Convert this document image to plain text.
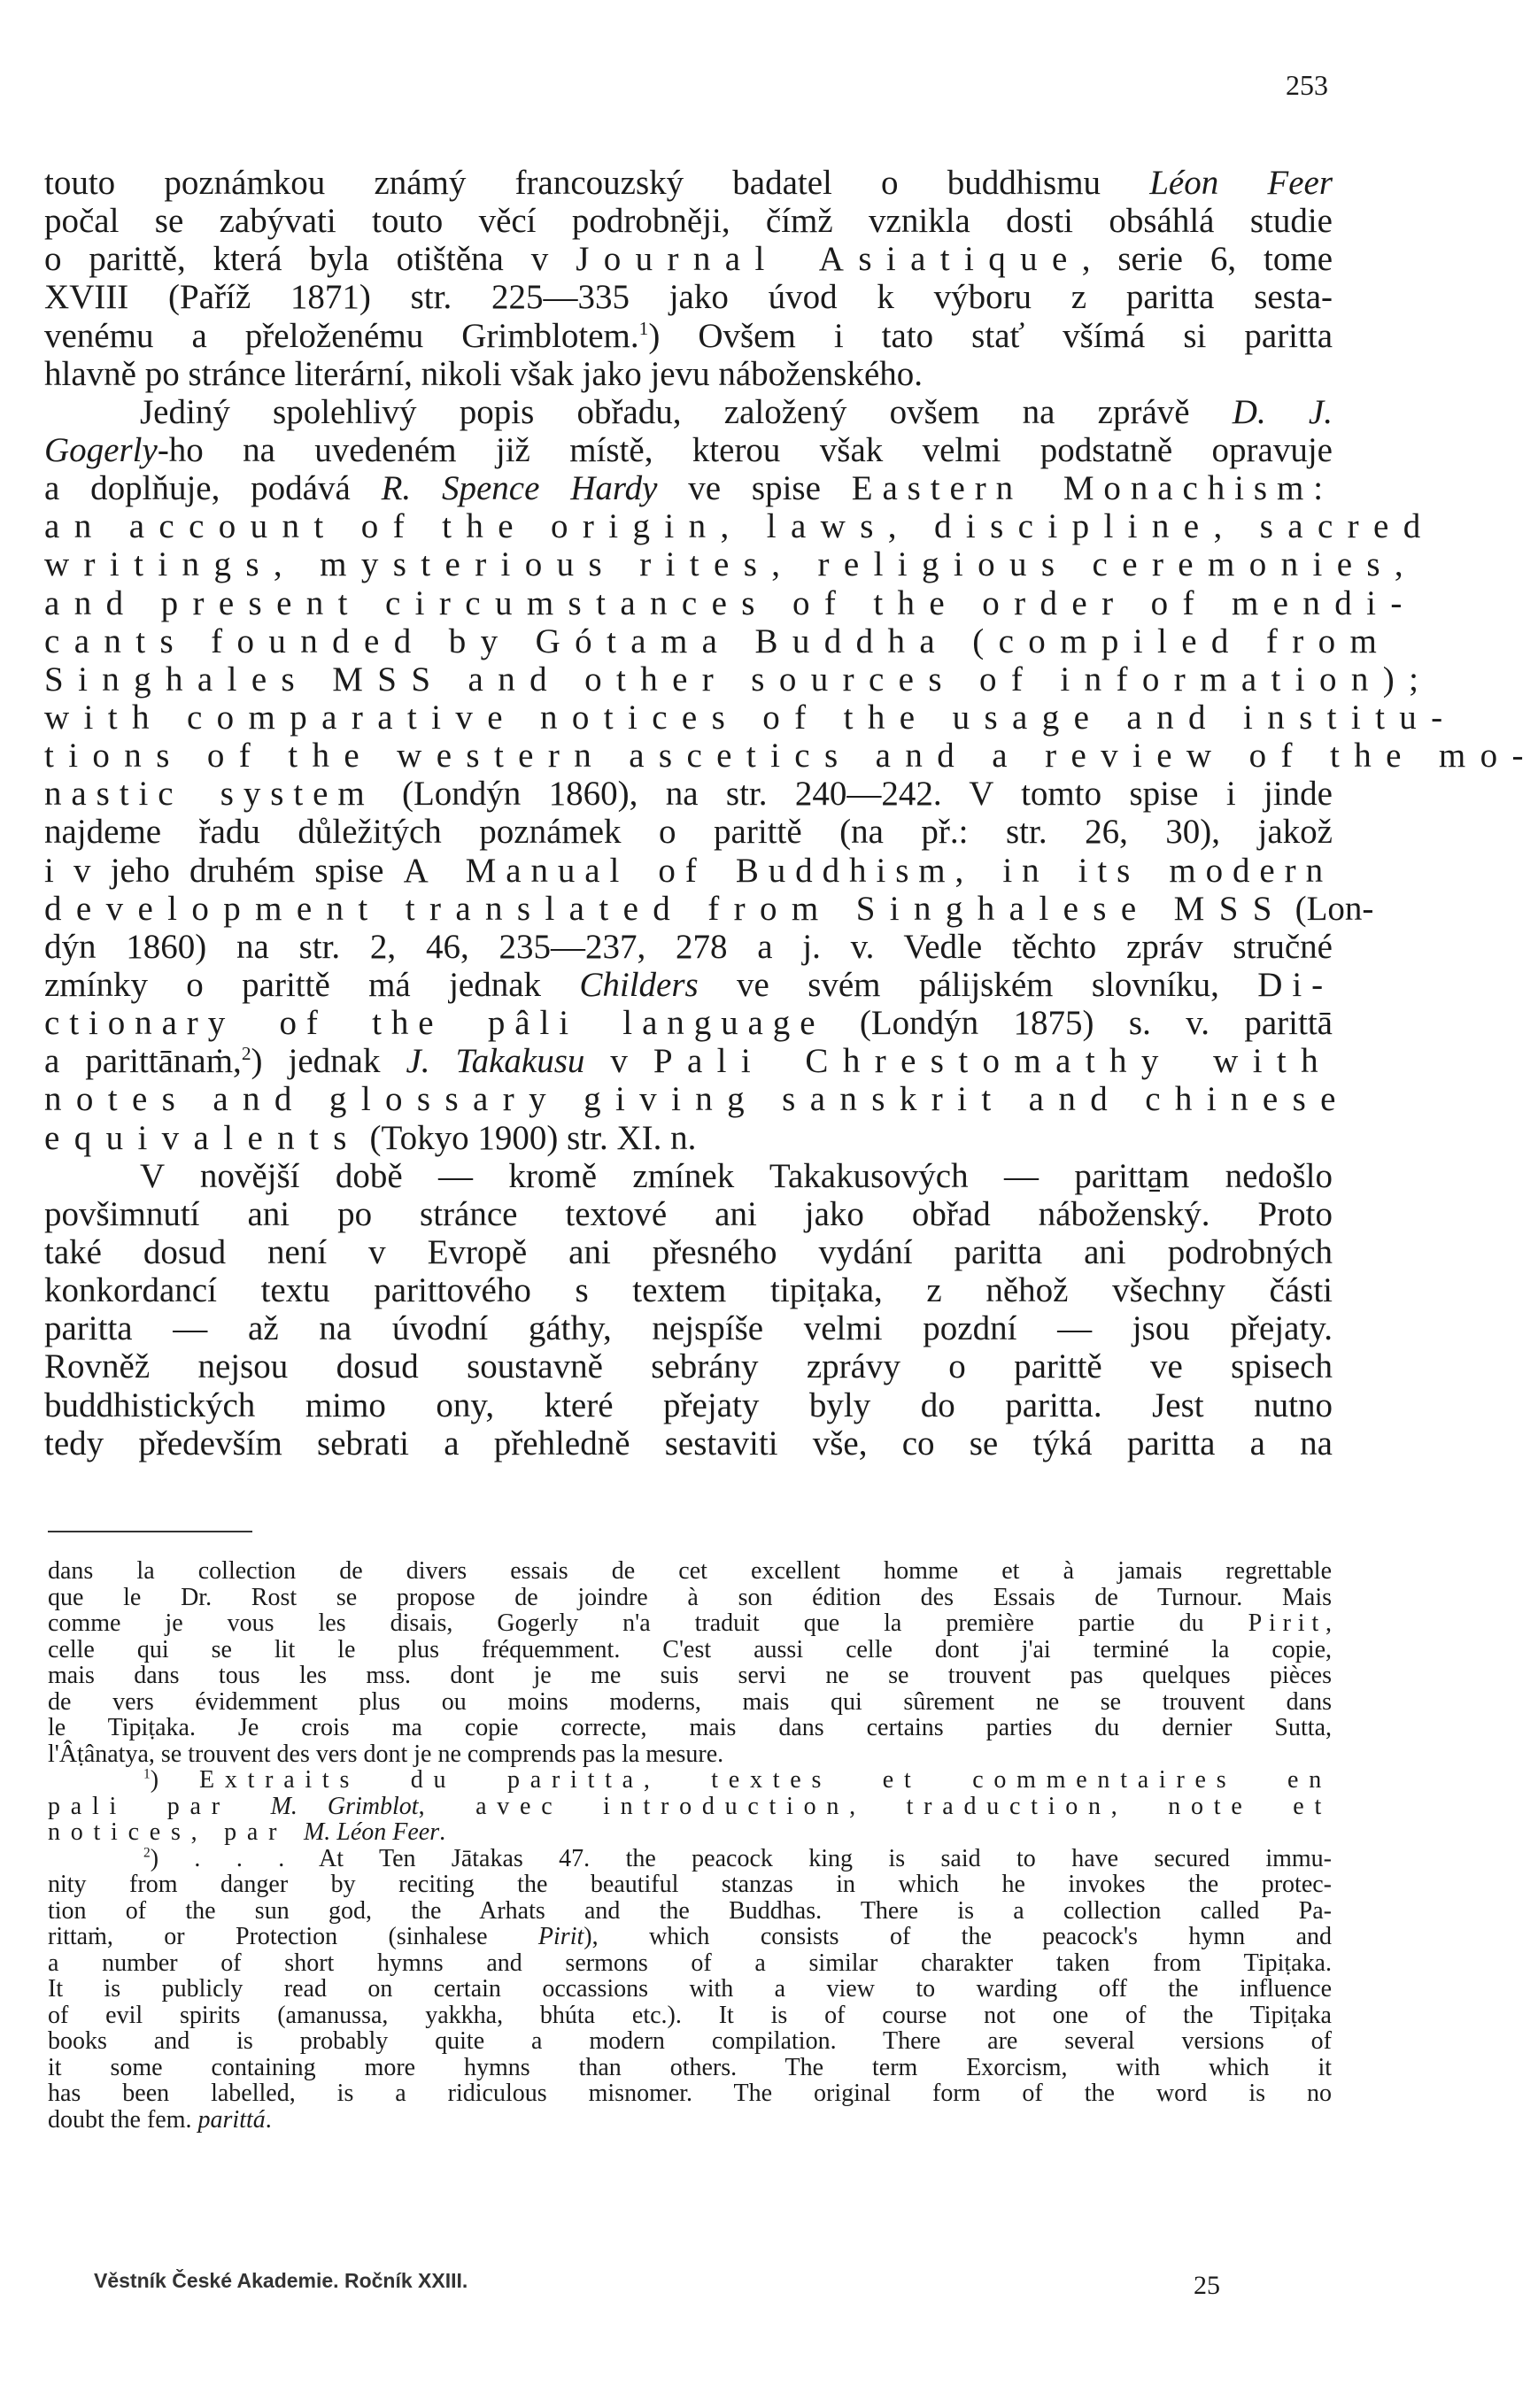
253
touto poznámkou známý francouzský badatel o buddhismu Léon Feer
počal se zabývati touto věcí podrobněji, čímž vznikla dosti obsáhlá studie
o parittě, která byla otištěna v Journal Asiatique, serie 6, tome
XVIII (Paříž 1871) str. 225—335 jako úvod k výboru z paritta sesta-
venému a přeloženému Grimblotem.$^1$) Ovšem i tato stať všímá si paritta
hlavně po stránce literární, nikoli však jako jevu náboženského.
Jediný spolehlivý popis obřadu, založený ovšem na zprávě D. J.
Gogerly-ho na uvedeném již místě, kterou však velmi podstatně opravuje
a doplňuje, podává R. Spence Hardy ve spise Eastern Monachism:
an account of the origin, laws, discipline, sacred
writings, mysterious rites, religious ceremonies,
and present circumstances of the order of mendi-
cants founded by Gótama Buddha (compiled from
Singhales MSS and other sources of information);
with comparative notices of the usage and institu-
tions of the western ascetics and a review of the mo-
nastic system (Londýn 1860), na str. 240—242. V tomto spise i jinde
najdeme řadu důležitých poznámek o parittě (na př.: str. 26, 30), jakož
i v jeho druhém spise A Manual of Buddhism, in its modern
development translated from Singhalese MSS (Lon-
dýn 1860) na str. 2, 46, 235—237, 278 a j. v. Vedle těchto zpráv stručné
zmínky o parittě má jednak Childers ve svém pálijském slovníku, Di-
ctionary of the pâli language (Londýn 1875) s. v. parittā
a parittānaṁ,$^2$) jednak J. Takakusu v Pali Chrestomathy with
notes and glossary giving sanskrit and chinese
equivalents (Tokyo 1900) str. XI. n.
V novější době — kromě zmínek Takakusových — paritta̱m nedošlo
povšimnutí ani po stránce textové ani jako obřad náboženský. Proto
také dosud není v Evropě ani přesného vydání paritta ani podrobných
konkordancí textu parittového s textem tipiṭaka, z něhož všechny části
paritta — až na úvodní gáthy, nejspíše velmi pozdní — jsou přejaty.
Rovněž nejsou dosud soustavně sebrány zprávy o parittě ve spisech
buddhistických mimo ony, které přejaty byly do paritta. Jest nutno
tedy především sebrati a přehledně sestaviti vše, co se týká paritta a na
dans la collection de divers essais de cet excellent homme et à jamais regrettable
que le Dr. Rost se propose de joindre à son édition des Essais de Turnour. Mais
comme je vous les disais, Gogerly n'a traduit que la première partie du Pirit,
celle qui se lit le plus fréquemment. C'est aussi celle dont j'ai terminé la copie,
mais dans tous les mss. dont je me suis servi ne se trouvent pas quelques pièces
de vers évidemment plus ou moins moderns, mais qui sûrement ne se trouvent dans
le Tipiṭaka. Je crois ma copie correcte, mais dans certains parties du dernier Sutta,
l'Âṭânatya, se trouvent des vers dont je ne comprends pas la mesure.
$^1$) Extraits du paritta, textes et commentaires en
pali par M. Grimblot, avec introduction, traduction, note et
notices, par M. Léon Feer.
$^2$) . . . At Ten Jātakas 47. the peacock king is said to have secured immu-
nity from danger by reciting the beautiful stanzas in which he invokes the protec-
tion of the sun god, the Arhats and the Buddhas. There is a collection called Pa-
rittaṁ, or Protection (sinhalese Pirit), which consists of the peacock's hymn and
a number of short hymns and sermons of a similar charakter taken from Tipiṭaka.
It is publicly read on certain occassions with a view to warding off the influence
of evil spirits (amanussa, yakkha, bhúta etc.). It is of course not one of the Tipiṭaka
books and is probably quite a modern compilation. There are several versions of
it some containing more hymns than others. The term Exorcism, with which it
has been labelled, is a ridiculous misnomer. The original form of the word is no
doubt the fem. parittá.
Věstník České Akademie. Ročník XXIII.	25
